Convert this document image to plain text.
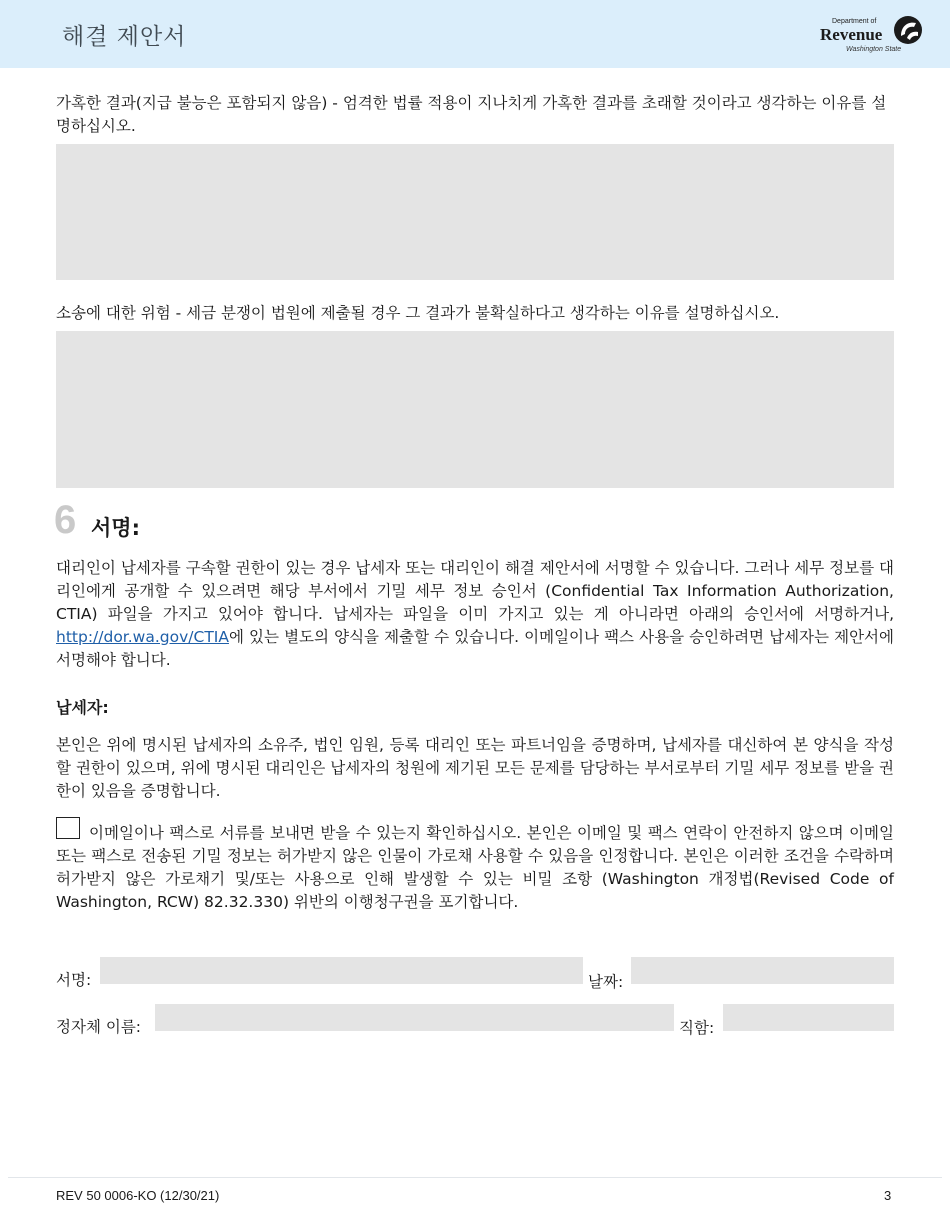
해결 제안서
Department of
Revenue
Washington State

가혹한 결과(지급 불능은 포함되지 않음) - 엄격한 법률 적용이 지나치게 가혹한 결과를 초래할 것이라고 생각하는 이유를 설명하십시오.

소송에 대한 위험 - 세금 분쟁이 법원에 제출될 경우 그 결과가 불확실하다고 생각하는 이유를 설명하십시오.

6 서명:

대리인이 납세자를 구속할 권한이 있는 경우 납세자 또는 대리인이 해결 제안서에 서명할 수 있습니다. 그러나 세무 정보를 대리인에게 공개할 수 있으려면 해당 부서에서 기밀 세무 정보 승인서 (Confidential Tax Information Authorization, CTIA) 파일을 가지고 있어야 합니다. 납세자는 파일을 이미 가지고 있는 게 아니라면 아래의 승인서에 서명하거나, http://dor.wa.gov/CTIA에 있는 별도의 양식을 제출할 수 있습니다. 이메일이나 팩스 사용을 승인하려면 납세자는 제안서에 서명해야 합니다.

납세자:

본인은 위에 명시된 납세자의 소유주, 법인 임원, 등록 대리인 또는 파트너임을 증명하며, 납세자를 대신하여 본 양식을 작성할 권한이 있으며, 위에 명시된 대리인은 납세자의 청원에 제기된 모든 문제를 담당하는 부서로부터 기밀 세무 정보를 받을 권한이 있음을 증명합니다.

이메일이나 팩스로 서류를 보내면 받을 수 있는지 확인하십시오. 본인은 이메일 및 팩스 연락이 안전하지 않으며 이메일 또는 팩스로 전송된 기밀 정보는 허가받지 않은 인물이 가로채 사용할 수 있음을 인정합니다. 본인은 이러한 조건을 수락하며 허가받지 않은 가로채기 및/또는 사용으로 인해 발생할 수 있는 비밀 조항 (Washington 개정법(Revised Code of Washington, RCW) 82.32.330) 위반의 이행청구권을 포기합니다.

서명:	날짜:
정자체 이름:	직함:
REV 50 0006-KO (12/30/21)	3
